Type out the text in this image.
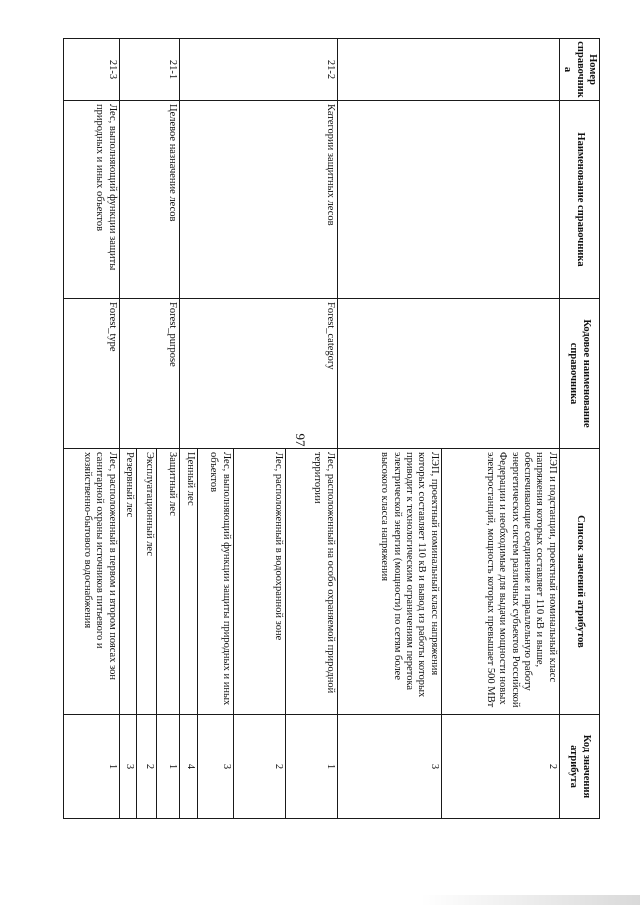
97
Номер справочника	Наименование справочника	Кодовое наименование справочника	Список значений атрибутов	Код значения атрибута
			ЛЭП и подстанции, проектный номинальный класс напряжения которых составляет 110 кВ и выше, обеспечивающие соединение и параллельную работу энергетических систем различных субъектов Российской Федерации и необходимые для выдачи мощности новых электростанций, мощность которых превышает 500 МВт	2
			ЛЭП, проектный номинальный класс напряжения которых составляет 110 кВ и вывод из работы которых приводит к технологическим ограничениям перетока электрической энергии (мощности) по сетям более высокого класса напряжения	3
21-2	Категории защитных лесов	Forest_category	Лес, расположенный на особо охраняемой природной территории	1
			Лес, расположенный в водоохранной зоне	2
			Лес, выполняющий функции защиты природных и иных объектов	3
			Ценный лес	4
21-1	Целевое назначение лесов	Forest_purpose	Защитный лес	1
			Эксплуатационный лес	2
			Резервный лес	3
21-3	Лес, выполняющий функции защиты природных и иных объектов	Forest_type	Лес, расположенный в первом и втором поясах зон санитарной охраны источников питьевого и хозяйственно-бытового водоснабжения	1
